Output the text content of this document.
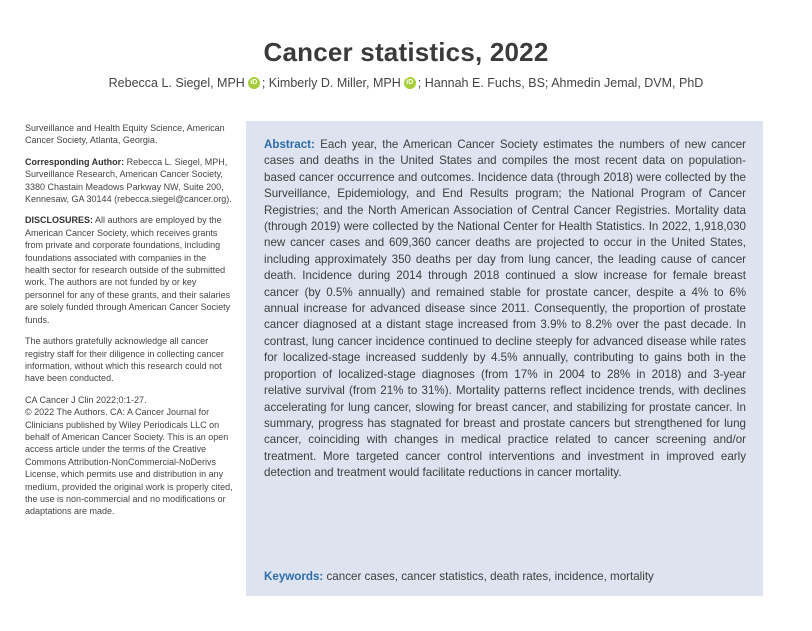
Cancer statistics, 2022
Rebecca L. Siegel, MPH iD ; Kimberly D. Miller, MPH iD ; Hannah E. Fuchs, BS; Ahmedin Jemal, DVM, PhD

Surveillance and Health Equity Science, American Cancer Society, Atlanta, Georgia.

Corresponding Author: Rebecca L. Siegel, MPH, Surveillance Research, American Cancer Society, 3380 Chastain Meadows Parkway NW, Suite 200, Kennesaw, GA 30144 (rebecca.siegel@cancer.org).

DISCLOSURES: All authors are employed by the American Cancer Society, which receives grants from private and corporate foundations, including foundations associated with companies in the health sector for research outside of the submitted work. The authors are not funded by or key personnel for any of these grants, and their salaries are solely funded through American Cancer Society funds.

The authors gratefully acknowledge all cancer registry staff for their diligence in collecting cancer information, without which this research could not have been conducted.

CA Cancer J Clin 2022;0:1-27.
© 2022 The Authors. CA: A Cancer Journal for Clinicians published by Wiley Periodicals LLC on behalf of American Cancer Society. This is an open access article under the terms of the Creative Commons Attribution-NonCommercial-NoDerivs License, which permits use and distribution in any medium, provided the original work is properly cited, the use is non-commercial and no modifications or adaptations are made.

Abstract: Each year, the American Cancer Society estimates the numbers of new cancer cases and deaths in the United States and compiles the most recent data on population-based cancer occurrence and outcomes. Incidence data (through 2018) were collected by the Surveillance, Epidemiology, and End Results program; the National Program of Cancer Registries; and the North American Association of Central Cancer Registries. Mortality data (through 2019) were collected by the National Center for Health Statistics. In 2022, 1,918,030 new cancer cases and 609,360 cancer deaths are projected to occur in the United States, including approximately 350 deaths per day from lung cancer, the leading cause of cancer death. Incidence during 2014 through 2018 continued a slow increase for female breast cancer (by 0.5% annually) and remained stable for prostate cancer, despite a 4% to 6% annual increase for advanced disease since 2011. Consequently, the proportion of prostate cancer diagnosed at a distant stage increased from 3.9% to 8.2% over the past decade. In contrast, lung cancer incidence continued to decline steeply for advanced disease while rates for localized-stage increased suddenly by 4.5% annually, contributing to gains both in the proportion of localized-stage diagnoses (from 17% in 2004 to 28% in 2018) and 3-year relative survival (from 21% to 31%). Mortality patterns reflect incidence trends, with declines accelerating for lung cancer, slowing for breast cancer, and stabilizing for prostate cancer. In summary, progress has stagnated for breast and prostate cancers but strengthened for lung cancer, coinciding with changes in medical practice related to cancer screening and/or treatment. More targeted cancer control interventions and investment in improved early detection and treatment would facilitate reductions in cancer mortality.

Keywords: cancer cases, cancer statistics, death rates, incidence, mortality
